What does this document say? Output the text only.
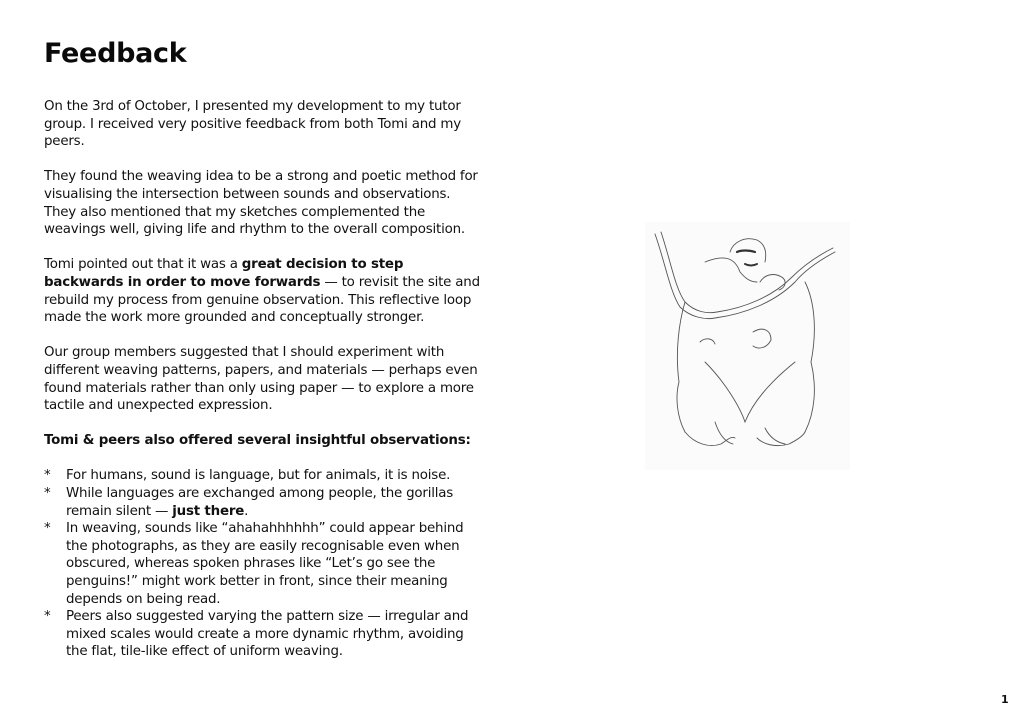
Feedback

On the 3rd of October, I presented my development to my tutor group. I received very positive feedback from both Tomi and my peers.

They found the weaving idea to be a strong and poetic method for visualising the intersection between sounds and observations. They also mentioned that my sketches complemented the weavings well, giving life and rhythm to the overall composition.

Tomi pointed out that it was a great decision to step backwards in order to move forwards — to revisit the site and rebuild my process from genuine observation. This reflective loop made the work more grounded and conceptually stronger.

Our group members suggested that I should experiment with different weaving patterns, papers, and materials — perhaps even found materials rather than only using paper — to explore a more tactile and unexpected expression.

Tomi & peers also offered several insightful observations:

* For humans, sound is language, but for animals, it is noise.
* While languages are exchanged among people, the gorillas remain silent — just there.
* In weaving, sounds like “ahahahhhhhh” could appear behind the photographs, as they are easily recognisable even when obscured, whereas spoken phrases like “Let’s go see the penguins!” might work better in front, since their meaning depends on being read.
* Peers also suggested varying the pattern size — irregular and mixed scales would create a more dynamic rhythm, avoiding the flat, tile-like effect of uniform weaving.
1
